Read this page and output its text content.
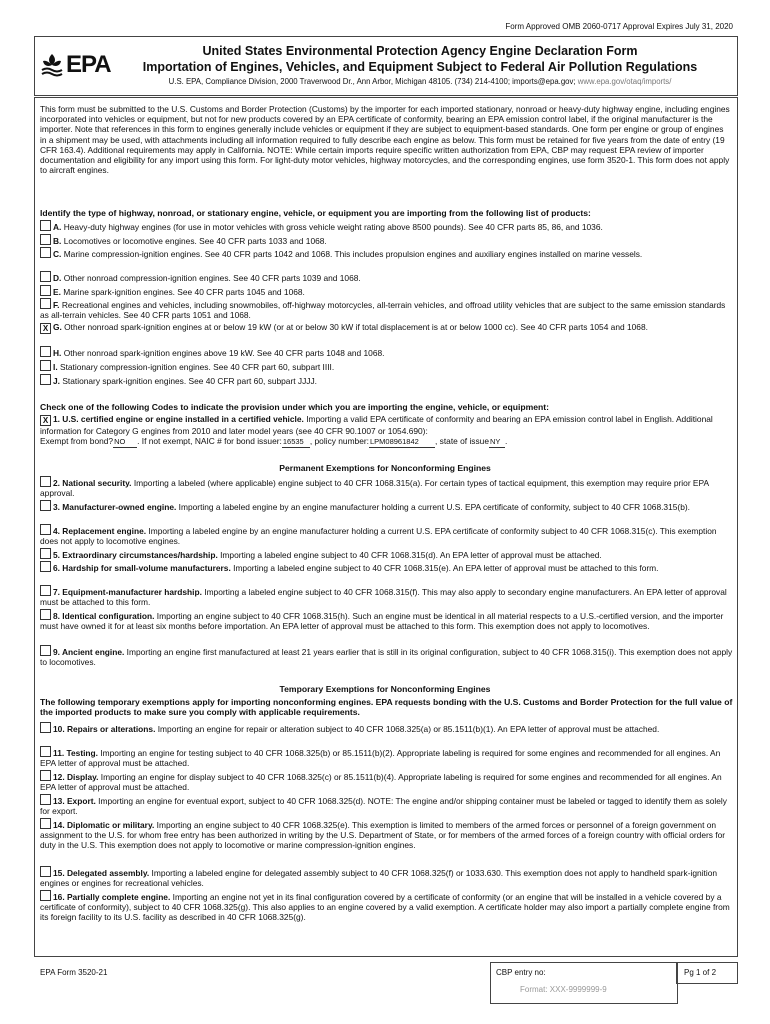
Form Approved OMB 2060-0717 Approval Expires July 31, 2020
EPA	United States Environmental Protection Agency Engine Declaration Form
Importation of Engines, Vehicles, and Equipment Subject to Federal Air Pollution Regulations
U.S. EPA, Compliance Division, 2000 Traverwood Dr., Ann Arbor, Michigan 48105. (734) 214-4100; imports@epa.gov; www.epa.gov/otaq/imports/
This form must be submitted to the U.S. Customs and Border Protection (Customs) by the importer for each imported stationary, nonroad or heavy-duty highway engine, including engines incorporated into vehicles or equipment, but not for new products covered by an EPA certificate of conformity, bearing an EPA emission control label, if the original manufacturer is the importer. Note that references in this form to engines generally include vehicles or equipment if they are subject to equipment-based standards. One form per engine or group of engines in a shipment may be used, with attachments including all information required to fully describe each engine as below. This form must be retained for five years from the date of entry (19 CFR 163.4). Additional requirements may apply in California. NOTE: While certain imports require specific written authorization from EPA, CBP may request EPA review of importer documentation and eligibility for any import using this form. For light-duty motor vehicles, highway motorcycles, and the corresponding engines, use form 3520-1. This form does not apply to aircraft engines.
Identify the type of highway, nonroad, or stationary engine, vehicle, or equipment you are importing from the following list of products:
A. Heavy-duty highway engines (for use in motor vehicles with gross vehicle weight rating above 8500 pounds). See 40 CFR parts 85, 86, and 1036.
B. Locomotives or locomotive engines. See 40 CFR parts 1033 and 1068.
C. Marine compression-ignition engines. See 40 CFR parts 1042 and 1068. This includes propulsion engines and auxiliary engines installed on marine vessels.
D. Other nonroad compression-ignition engines. See 40 CFR parts 1039 and 1068.
E. Marine spark-ignition engines. See 40 CFR parts 1045 and 1068.
F. Recreational engines and vehicles, including snowmobiles, off-highway motorcycles, all-terrain vehicles, and offroad utility vehicles that are subject to the same emission standards as all-terrain vehicles. See 40 CFR parts 1051 and 1068.
X G. Other nonroad spark-ignition engines at or below 19 kW (or at or below 30 kW if total displacement is at or below 1000 cc). See 40 CFR parts 1054 and 1068.
H. Other nonroad spark-ignition engines above 19 kW. See 40 CFR parts 1048 and 1068.
I. Stationary compression-ignition engines. See 40 CFR part 60, subpart IIII.
J. Stationary spark-ignition engines. See 40 CFR part 60, subpart JJJJ.
Check one of the following Codes to indicate the provision under which you are importing the engine, vehicle, or equipment:
X 1. U.S. certified engine or engine installed in a certified vehicle. Importing a valid EPA certificate of conformity and bearing an EPA emission control label in English. Additional information for Category G engines from 2010 and later model years (see 40 CFR 90.1007 or 1054.690):
Exempt from bond?NO . If not exempt, NAIC # for bond issuer:16535 , policy number:LPM08961842 , state of issueNY .
Permanent Exemptions for Nonconforming Engines
2. National security. Importing a labeled (where applicable) engine subject to 40 CFR 1068.315(a). For certain types of tactical equipment, this exemption may require prior EPA approval.
3. Manufacturer-owned engine. Importing a labeled engine by an engine manufacturer holding a current U.S. EPA certificate of conformity, subject to 40 CFR 1068.315(b).
4. Replacement engine. Importing a labeled engine by an engine manufacturer holding a current U.S. EPA certificate of conformity subject to 40 CFR 1068.315(c). This exemption does not apply to locomotive engines.
5. Extraordinary circumstances/hardship. Importing a labeled engine subject to 40 CFR 1068.315(d). An EPA letter of approval must be attached.
6. Hardship for small-volume manufacturers. Importing a labeled engine subject to 40 CFR 1068.315(e). An EPA letter of approval must be attached to this form.
7. Equipment-manufacturer hardship. Importing a labeled engine subject to 40 CFR 1068.315(f). This may also apply to secondary engine manufacturers. An EPA letter of approval must be attached to this form.
8. Identical configuration. Importing an engine subject to 40 CFR 1068.315(h). Such an engine must be identical in all material respects to a U.S.-certified version, and the importer must have owned it for at least six months before importation. An EPA letter of approval must be attached to this form. This exemption does not apply to locomotives.
9. Ancient engine. Importing an engine first manufactured at least 21 years earlier that is still in its original configuration, subject to 40 CFR 1068.315(i). This exemption does not apply to locomotives.
Temporary Exemptions for Nonconforming Engines
The following temporary exemptions apply for importing nonconforming engines. EPA requests bonding with the U.S. Customs and Border Protection for the full value of the imported products to make sure you comply with applicable requirements.
10. Repairs or alterations. Importing an engine for repair or alteration subject to 40 CFR 1068.325(a) or 85.1511(b)(1). An EPA letter of approval must be attached.
11. Testing. Importing an engine for testing subject to 40 CFR 1068.325(b) or 85.1511(b)(2). Appropriate labeling is required for some engines and recommended for all engines. An EPA letter of approval must be attached.
12. Display. Importing an engine for display subject to 40 CFR 1068.325(c) or 85.1511(b)(4). Appropriate labeling is required for some engines and recommended for all engines. An EPA letter of approval must be attached.
13. Export. Importing an engine for eventual export, subject to 40 CFR 1068.325(d). NOTE: The engine and/or shipping container must be labeled or tagged to identify them as solely for export.
14. Diplomatic or military. Importing an engine subject to 40 CFR 1068.325(e). This exemption is limited to members of the armed forces or personnel of a foreign government on assignment to the U.S. for whom free entry has been authorized in writing by the U.S. Department of State, or for members of the armed forces of a foreign country with official orders for duty in the U.S. This exemption does not apply to locomotive or marine compression-ignition engines.
15. Delegated assembly. Importing a labeled engine for delegated assembly subject to 40 CFR 1068.325(f) or 1033.630. This exemption does not apply to handheld spark-ignition engines or engines for recreational vehicles.
16. Partially complete engine. Importing an engine not yet in its final configuration covered by a certificate of conformity (or an engine that will be installed in a vehicle covered by a certificate of conformity), subject to 40 CFR 1068.325(g). This also applies to an engine covered by a valid exemption. A certificate holder may also import a partially complete engine from its foreign facility to its U.S. facility as described in 40 CFR 1068.325(g).
EPA Form 3520-21	CBP entry no:
Format: XXX-9999999-9
Pg 1 of 2
